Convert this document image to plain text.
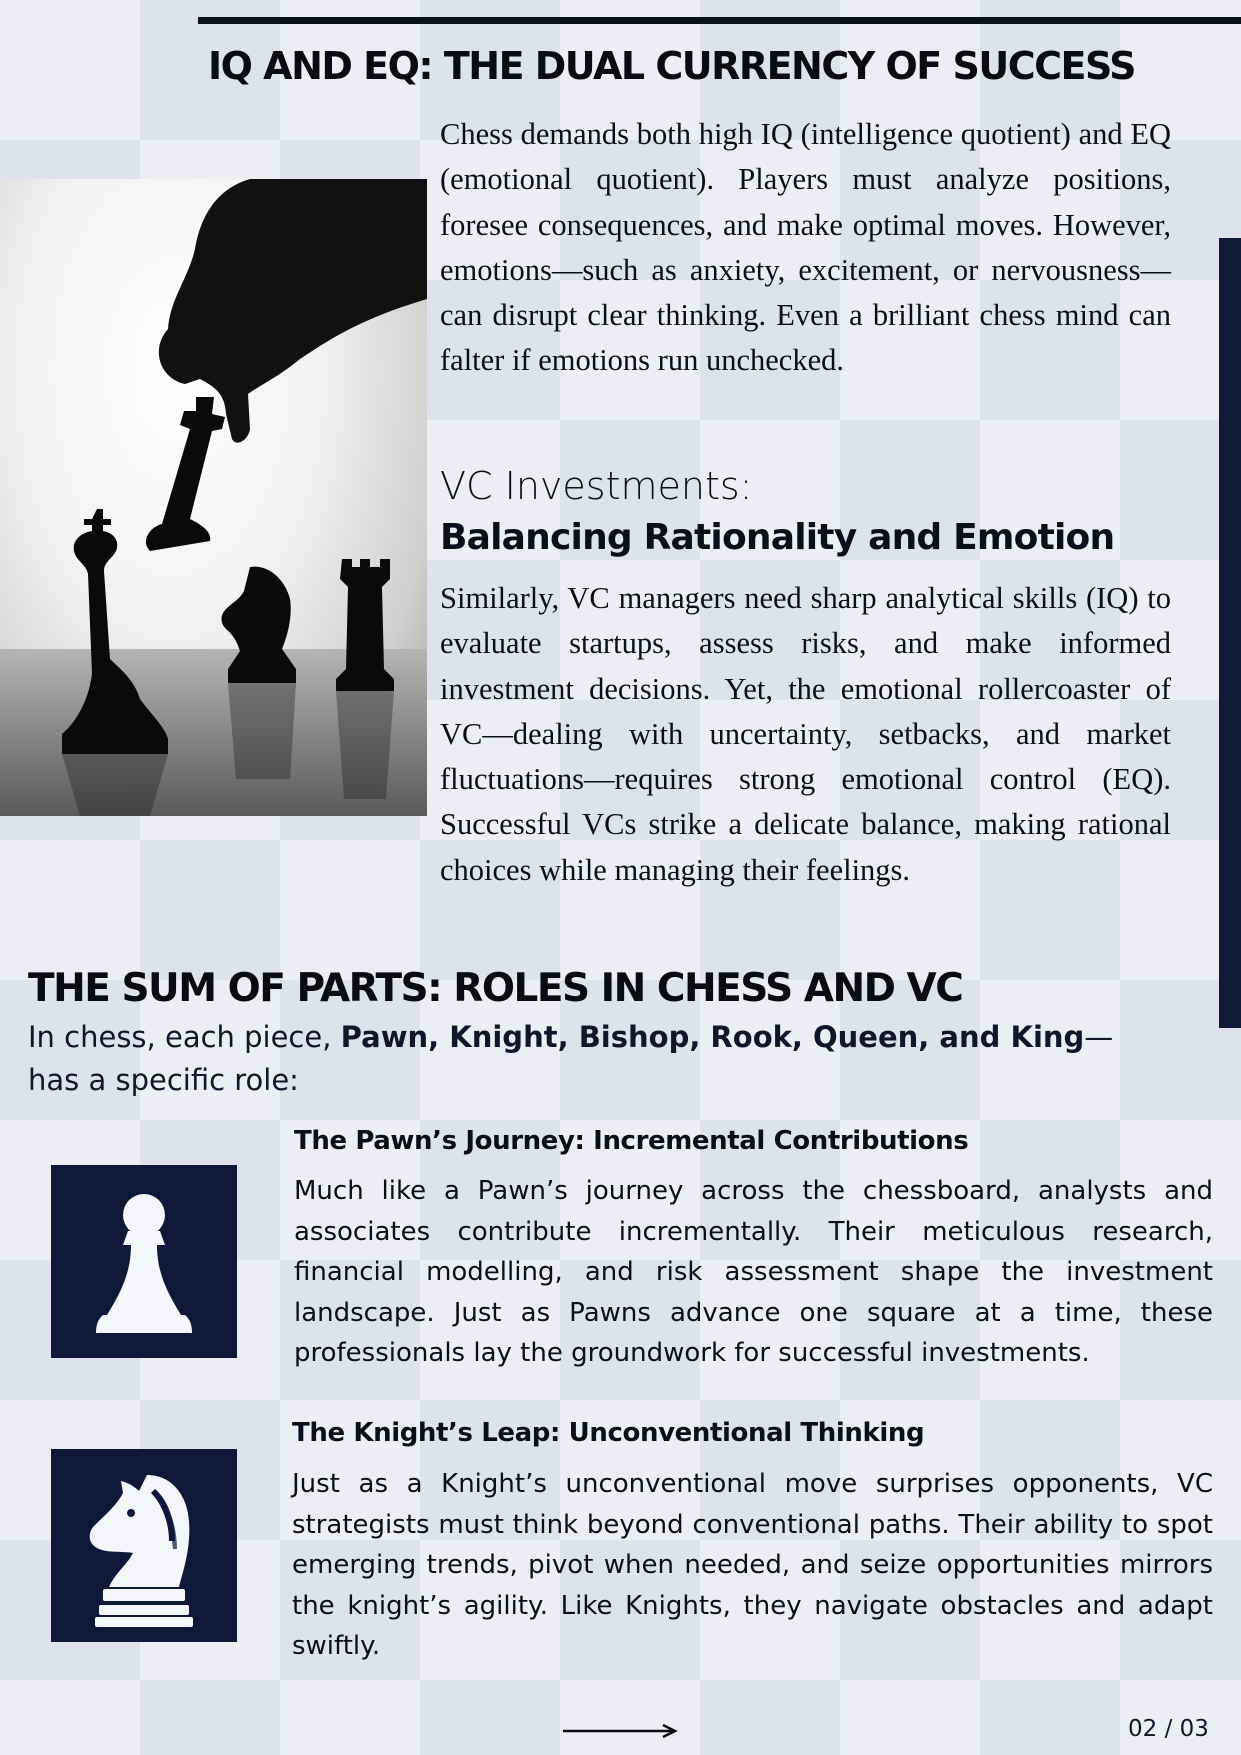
IQ AND EQ: THE DUAL CURRENCY OF SUCCESS

Chess demands both high IQ (intelligence quotient) and EQ (emotional quotient). Players must analyze positions, foresee consequences, and make optimal moves. However, emotions—such as anxiety, excitement, or nervousness—can disrupt clear thinking. Even a brilliant chess mind can falter if emotions run unchecked.

VC Investments:
Balancing Rationality and Emotion

Similarly, VC managers need sharp analytical skills (IQ) to evaluate startups, assess risks, and make informed investment decisions. Yet, the emotional rollercoaster of VC—dealing with uncertainty, setbacks, and market fluctuations—requires strong emotional control (EQ). Successful VCs strike a delicate balance, making rational choices while managing their feelings.

THE SUM OF PARTS: ROLES IN CHESS AND VC

In chess, each piece, Pawn, Knight, Bishop, Rook, Queen, and King— has a specific role:

The Pawn’s Journey: Incremental Contributions

Much like a Pawn’s journey across the chessboard, analysts and associates contribute incrementally. Their meticulous research, financial modelling, and risk assessment shape the investment landscape. Just as Pawns advance one square at a time, these professionals lay the groundwork for successful investments.

The Knight’s Leap: Unconventional Thinking

Just as a Knight’s unconventional move surprises opponents, VC strategists must think beyond conventional paths. Their ability to spot emerging trends, pivot when needed, and seize opportunities mirrors the knight’s agility. Like Knights, they navigate obstacles and adapt swiftly.

02 / 03
